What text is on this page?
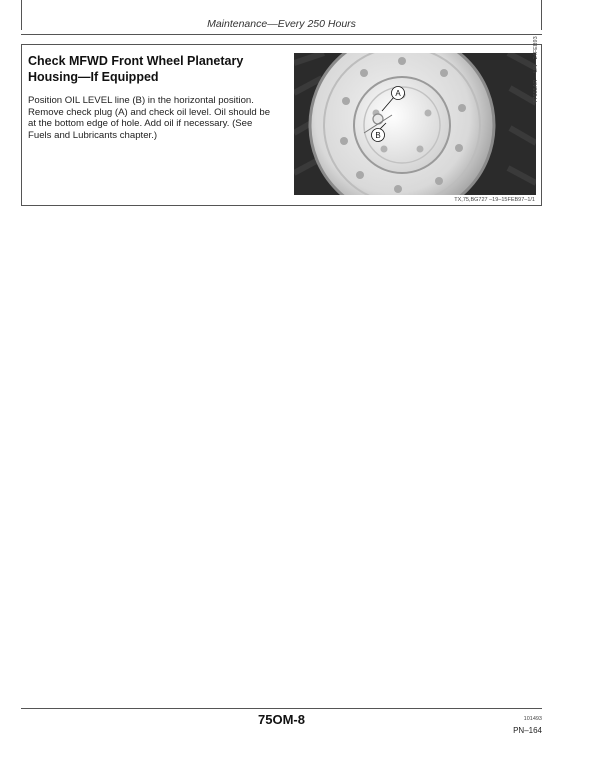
Maintenance—Every 250 Hours
Check MFWD Front Wheel Planetary
Housing—If Equipped
Position OIL LEVEL line (B) in the horizontal position.
Remove check plug (A) and check oil level. Oil should be
at the bottom edge of hole. Add oil if necessary. (See
Fuels and Lubricants chapter.)
A
B
T7655AR —UN—24FEB93
TX,75,BG727 –19–15FEB97–1/1
75OM-8	101493
PN–164
